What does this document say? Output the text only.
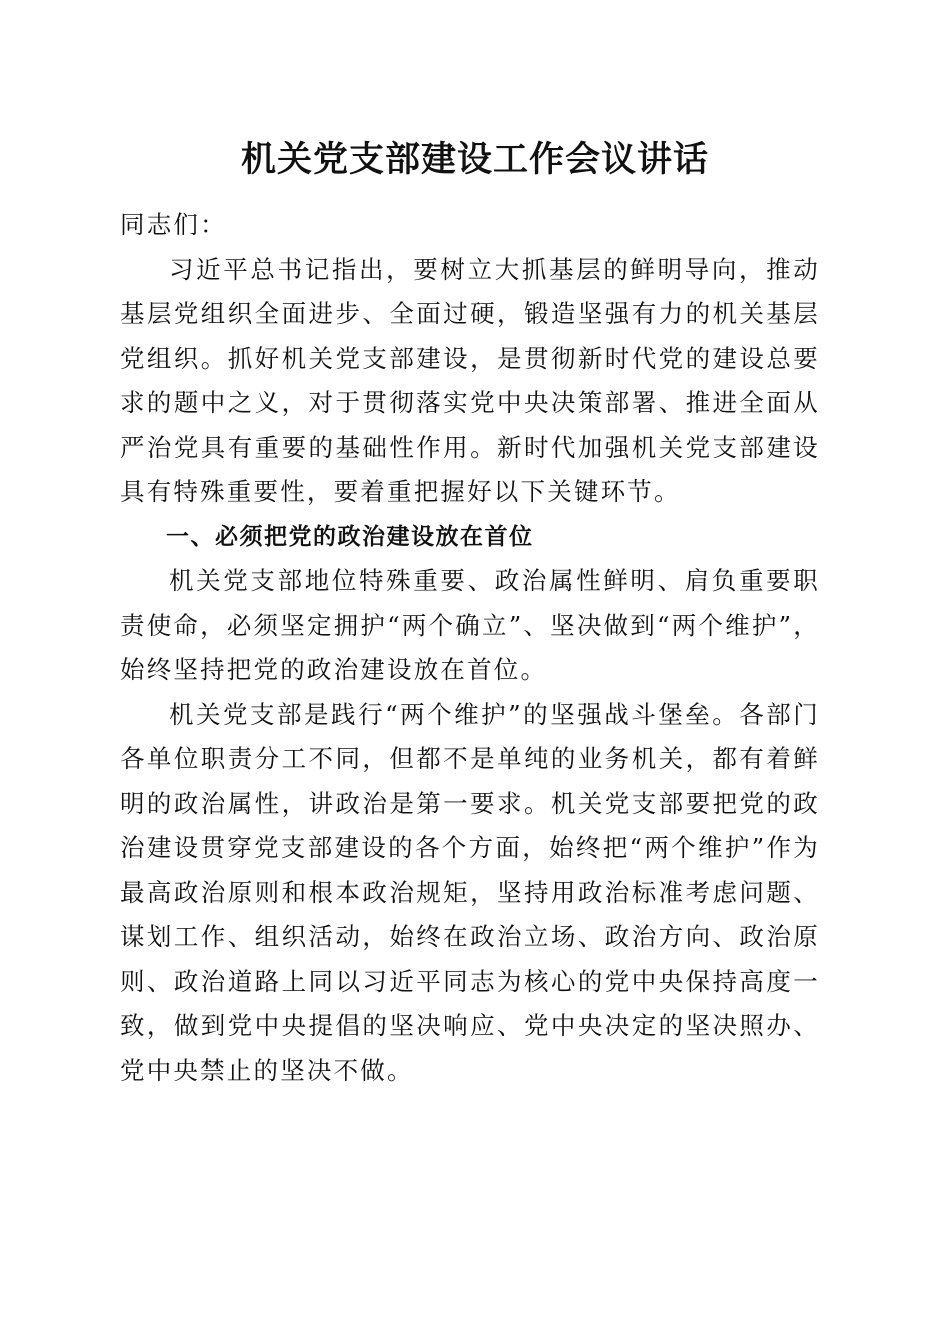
机关党支部建设工作会议讲话

同志们：

习近平总书记指出，要树立大抓基层的鲜明导向，推动基层党组织全面进步、全面过硬，锻造坚强有力的机关基层党组织。抓好机关党支部建设，是贯彻新时代党的建设总要求的题中之义，对于贯彻落实党中央决策部署、推进全面从严治党具有重要的基础性作用。新时代加强机关党支部建设具有特殊重要性，要着重把握好以下关键环节。

一、必须把党的政治建设放在首位

机关党支部地位特殊重要、政治属性鲜明、肩负重要职责使命，必须坚定拥护“两个确立”、坚决做到“两个维护”，始终坚持把党的政治建设放在首位。

机关党支部是践行“两个维护”的坚强战斗堡垒。各部门各单位职责分工不同，但都不是单纯的业务机关，都有着鲜明的政治属性，讲政治是第一要求。机关党支部要把党的政治建设贯穿党支部建设的各个方面，始终把“两个维护”作为最高政治原则和根本政治规矩，坚持用政治标准考虑问题、谋划工作、组织活动，始终在政治立场、政治方向、政治原则、政治道路上同以习近平同志为核心的党中央保持高度一致，做到党中央提倡的坚决响应、党中央决定的坚决照办、党中央禁止的坚决不做。
